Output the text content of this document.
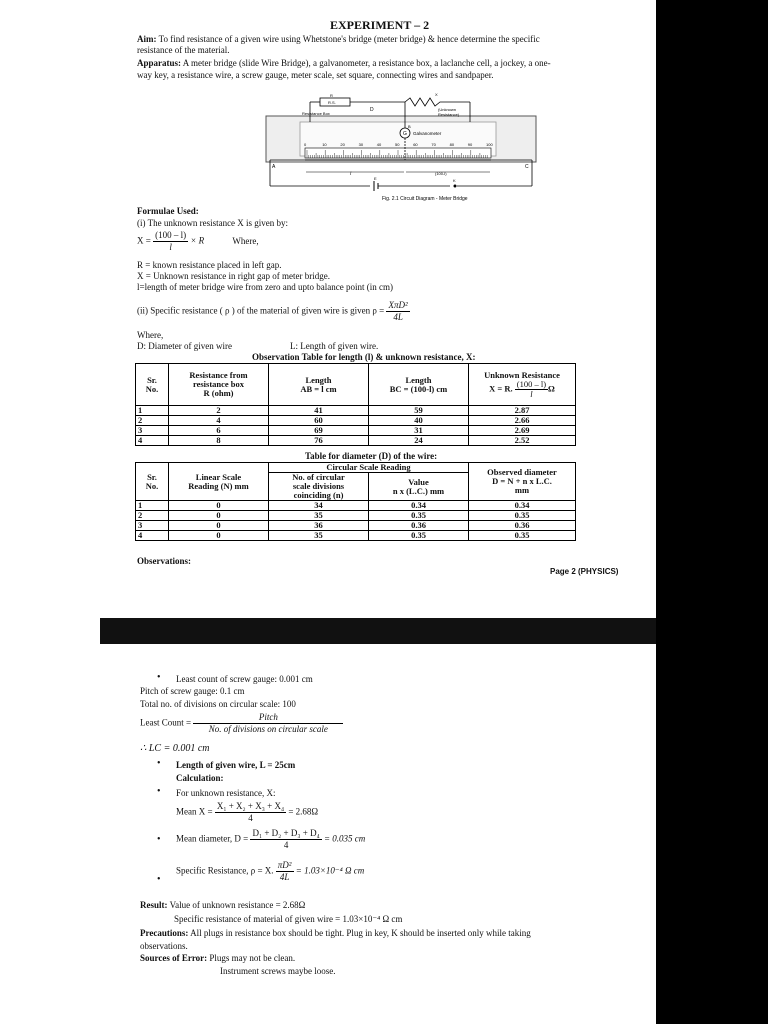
EXPERIMENT – 2
Aim: To find resistance of a given wire using Whetstone's bridge (meter bridge) & hence determine the specific
resistance of the material.
Apparatus: A meter bridge (slide Wire Bridge), a galvanometer, a resistance box, a laclanche cell, a jockey, a one-
way key, a resistance wire, a screw gauge, meter scale, set square, connecting wires and sandpaper.
0	10	20	30	40	50	60	70	80	90	100
R
R.S.
Resistance Box
D
X
(Unknown
Resistance)
B
G Galvanometer
A	C
l	(100-l)
E	K
Fig. 2.1 Circuit Diagram - Meter Bridge
Formulae Used:
(i) The unknown resistance X is given by:
$X = \frac{(100 - l)}{l} \times R$	Where,
R = known resistance placed in left gap.
X = Unknown resistance in right gap of meter bridge.
l=length of meter bridge wire from zero and upto balance point (in cm)
(ii) Specific resistance ( ρ ) of the material of given wire is given $\rho = \frac{\text{XπD²}}{4L}$
Where,
D: Diameter of given wire	L: Length of given wire.
Observation Table for length (l) & unknown resistance, X:
Sr.
No.	Resistance from
resistance box
R (ohm)	Length
AB = l cm	Length
BC = (100-l) cm	Unknown Resistance
X = R. $\frac{(100 - l)}{l}$ Ω
1	2	41	59	2.87
2	4	60	40	2.66
3	6	69	31	2.69
4	8	76	24	2.52
Table for diameter (D) of the wire:
Sr.
No.	Linear Scale
Reading (N) mm	Circular Scale Reading		Observed diameter
D = N + n x L.C.
mm
		No. of circular
scale divisions
coinciding (n)	Value
n x (L.C.) mm	
1	0	34	0.34	0.34
2	0	35	0.35	0.35
3	0	36	0.36	0.36
4	0	35	0.35	0.35
Observations:
Page 2 (PHYSICS)
• Least count of screw gauge: 0.001 cm
Pitch of screw gauge: 0.1 cm
Total no. of divisions on circular scale: 100
Least Count = $\frac{\text{Pitch}}{\text{No. of divisions on circular scale}}$
∴ LC = 0.001 cm
• Length of given wire, L = 25cm
Calculation:
• For unknown resistance, X:
Mean $X = \frac{\text{X₁ + X₂ + X₃ + X₄}}{4} = 2.68\Omega$
• Mean diameter, $D = \frac{\text{D₁ + D₂ + D₃ + D₄}}{4} = 0.035$ cm
•
Specific Resistance, ρ = X. $\frac{\text{πD²}}{4L} = 1.03\times 10^{-4}$ Ω cm
Result: Value of unknown resistance = 2.68Ω
Specific resistance of material of given wire = 1.03×10⁻⁴ Ω cm
Precautions: All plugs in resistance box should be tight. Plug in key, K should be inserted only while taking
observations.
Sources of Error: Plugs may not be clean.
Instrument screws maybe loose.
